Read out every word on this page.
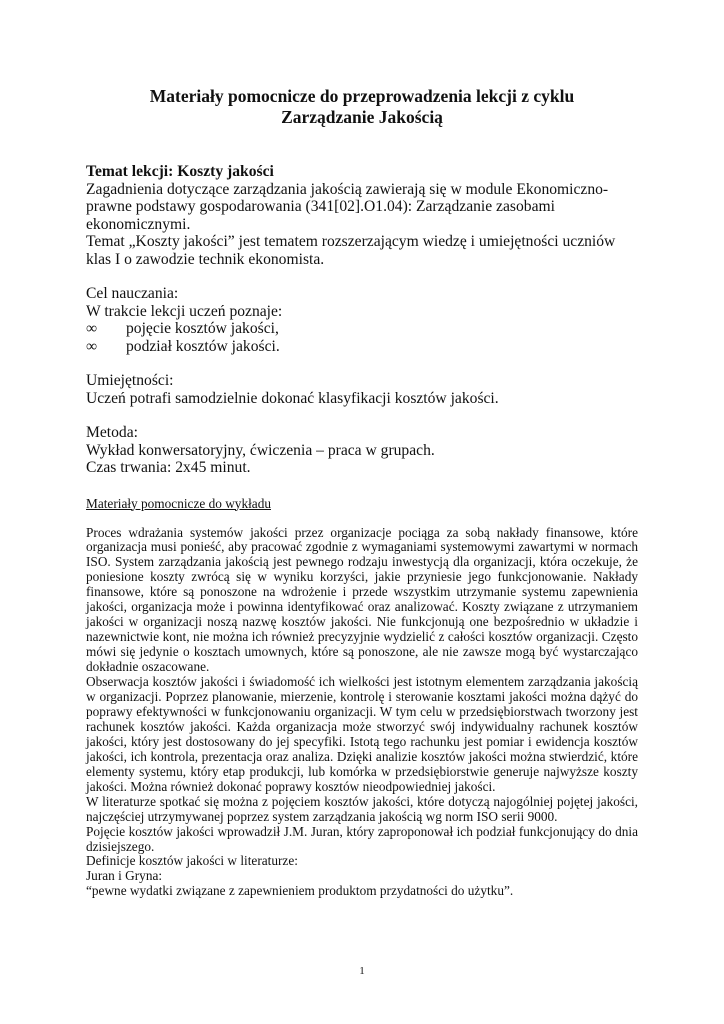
Materiały pomocnicze do przeprowadzenia lekcji z cyklu

Zarządzanie Jakością

Temat lekcji: Koszty jakości

Zagadnienia dotyczące zarządzania jakością zawierają się w module Ekonomiczno-

prawne podstawy gospodarowania (341[02].O1.04): Zarządzanie zasobami

ekonomicznymi.

Temat „Koszty jakości” jest tematem rozszerzającym wiedzę i umiejętności uczniów

klas I o zawodzie technik ekonomista.

Cel nauczania:

W trakcie lekcji uczeń poznaje:

∞	pojęcie kosztów jakości,
∞	podział kosztów jakości.

Umiejętności:

Uczeń potrafi samodzielnie dokonać klasyfikacji kosztów jakości.

Metoda:

Wykład konwersatoryjny, ćwiczenia – praca w grupach.

Czas trwania: 2x45 minut.

Materiały pomocnicze do wykładu

Proces wdrażania systemów jakości przez organizacje pociąga za sobą nakłady finansowe, które organizacja musi ponieść, aby pracować zgodnie z wymaganiami systemowymi zawartymi w normach ISO. System zarządzania jakością jest pewnego rodzaju inwestycją dla organizacji, która oczekuje, że poniesione koszty zwrócą się w wyniku korzyści, jakie przyniesie jego funkcjonowanie. Nakłady finansowe, które są ponoszone na wdrożenie i przede wszystkim utrzymanie systemu zapewnienia jakości, organizacja może i powinna identyfikować oraz analizować. Koszty związane z utrzymaniem jakości w organizacji noszą nazwę kosztów jakości. Nie funkcjonują one bezpośrednio w układzie i nazewnictwie kont, nie można ich również precyzyjnie wydzielić z całości kosztów organizacji. Często mówi się jedynie o kosztach umownych, które są ponoszone, ale nie zawsze mogą być wystarczająco dokładnie oszacowane.

Obserwacja kosztów jakości i świadomość ich wielkości jest istotnym elementem zarządzania jakością w organizacji. Poprzez planowanie, mierzenie, kontrolę i sterowanie kosztami jakości można dążyć do poprawy efektywności w funkcjonowaniu organizacji. W tym celu w przedsiębiorstwach tworzony jest rachunek kosztów jakości. Każda organizacja może stworzyć swój indywidualny rachunek kosztów jakości, który jest dostosowany do jej specyfiki. Istotą tego rachunku jest pomiar i ewidencja kosztów jakości, ich kontrola, prezentacja oraz analiza. Dzięki analizie kosztów jakości można stwierdzić, które elementy systemu, który etap produkcji, lub komórka w przedsiębiorstwie generuje najwyższe koszty jakości. Można również dokonać poprawy kosztów nieodpowiedniej jakości.

W literaturze spotkać się można z pojęciem kosztów jakości, które dotyczą najogólniej pojętej jakości, najczęściej utrzymywanej poprzez system zarządzania jakością wg norm ISO serii 9000.

Pojęcie kosztów jakości wprowadził J.M. Juran, który zaproponował ich podział funkcjonujący do dnia dzisiejszego.

Definicje kosztów jakości w literaturze:

Juran i Gryna:

“pewne wydatki związane z zapewnieniem produktom przydatności do użytku”.

1
